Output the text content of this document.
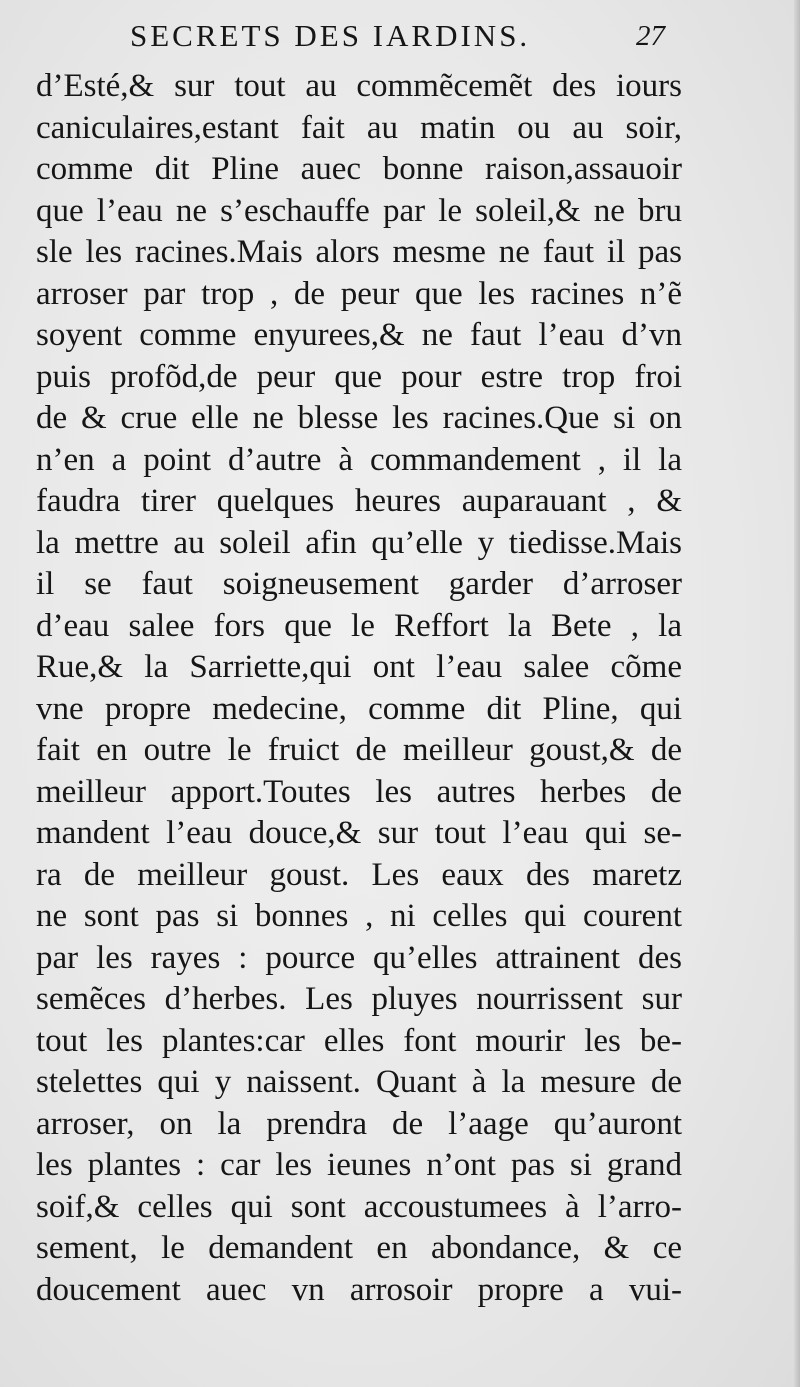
SECRETS DES IARDINS.	27
d’Esté,& sur tout au commẽcemẽt des iours
caniculaires,estant fait au matin ou au soir,
comme dit Pline auec bonne raison,assauoir
que l’eau ne s’eschauffe par le soleil,& ne bru
sle les racines.Mais alors mesme ne faut il pas
arroser par trop , de peur que les racines n’ẽ
soyent comme enyurees,& ne faut l’eau d’vn
puis profõd,de peur que pour estre trop froi
de & crue elle ne blesse les racines.Que si on
n’en a point d’autre à commandement , il la
faudra tirer quelques heures auparauant , &
la mettre au soleil afin qu’elle y tiedisse.Mais
il se faut soigneusement garder d’arroser
d’eau salee fors que le Reffort la Bete , la
Rue,& la Sarriette,qui ont l’eau salee cõme
vne propre medecine, comme dit Pline, qui
fait en outre le fruict de meilleur goust,& de
meilleur apport.Toutes les autres herbes de
mandent l’eau douce,& sur tout l’eau qui se-
ra de meilleur goust. Les eaux des maretz
ne sont pas si bonnes , ni celles qui courent
par les rayes : pource qu’elles attrainent des
semẽces d’herbes. Les pluyes nourrissent sur
tout les plantes:car elles font mourir les be-
stelettes qui y naissent. Quant à la mesure de
arroser, on la prendra de l’aage qu’auront
les plantes : car les ieunes n’ont pas si grand
soif,& celles qui sont accoustumees à l’arro-
sement, le demandent en abondance, & ce
doucement auec vn arrosoir propre a vui-
